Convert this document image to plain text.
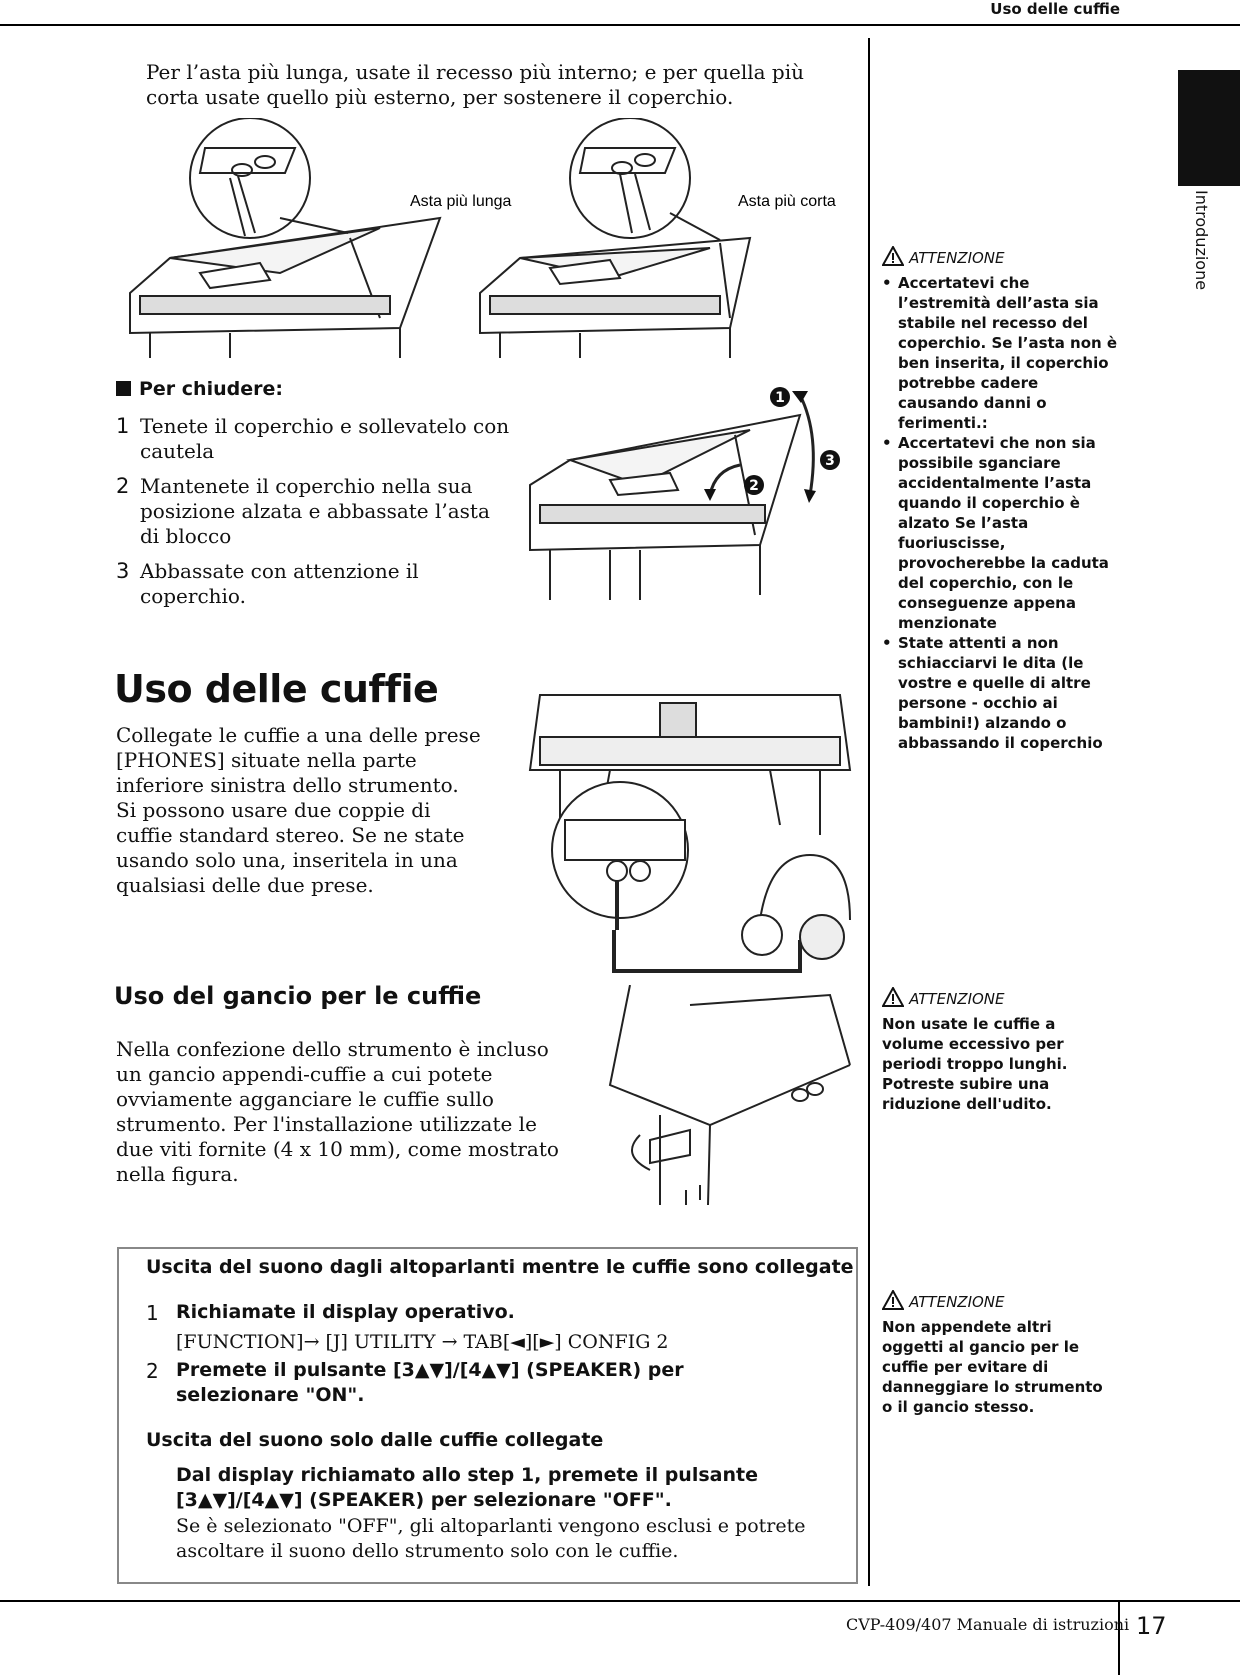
Uso delle cuffie
Introduzione
Per l’asta più lunga, usate il recesso più interno; e per quella più corta usate quello più esterno, per sostenere il coperchio.
Asta più lunga	Asta più corta
Per chiudere:
1 Tenete il coperchio e sollevatelo con cautela
2 Mantenete il coperchio nella sua posizione alzata e abbassate l’asta di blocco
3 Abbassate con attenzione il coperchio.
1
2
3
ATTENZIONE
• Accertatevi che l’estremità dell’asta sia stabile nel recesso del coperchio. Se l’asta non è ben inserita, il coperchio potrebbe cadere causando danni o ferimenti.:
• Accertatevi che non sia possibile sganciare accidentalmente l’asta quando il coperchio è alzato Se l’asta fuoriuscisse, provocherebbe la caduta del coperchio, con le conseguenze appena menzionate
• State attenti a non schiacciarvi le dita (le vostre e quelle di altre persone - occhio ai bambini!) alzando o abbassando il coperchio
Uso delle cuffie
Collegate le cuffie a una delle prese [PHONES] situate nella parte inferiore sinistra dello strumento.
Si possono usare due coppie di cuffie standard stereo. Se ne state usando solo una, inseritela in una qualsiasi delle due prese.
Uso del gancio per le cuffie
Nella confezione dello strumento è incluso un gancio appendi-cuffie a cui potete ovviamente agganciare le cuffie sullo strumento. Per l'installazione utilizzate le due viti fornite (4 x 10 mm), come mostrato nella figura.
ATTENZIONE
Non usate le cuffie a volume eccessivo per periodi troppo lunghi. Potreste subire una riduzione dell'udito.
ATTENZIONE
Non appendete altri oggetti al gancio per le cuffie per evitare di danneggiare lo strumento o il gancio stesso.
Uscita del suono dagli altoparlanti mentre le cuffie sono collegate
1 Richiamate il display operativo.
[FUNCTION]→ [J] UTILITY → TAB[◄][►] CONFIG 2
2 Premete il pulsante [3▲▼]/[4▲▼] (SPEAKER) per
selezionare "ON".
Uscita del suono solo dalle cuffie collegate
Dal display richiamato allo step 1, premete il pulsante
[3▲▼]/[4▲▼] (SPEAKER) per selezionare "OFF".
Se è selezionato "OFF", gli altoparlanti vengono esclusi e potrete ascoltare il suono dello strumento solo con le cuffie.
CVP-409/407 Manuale di istruzioni 17
